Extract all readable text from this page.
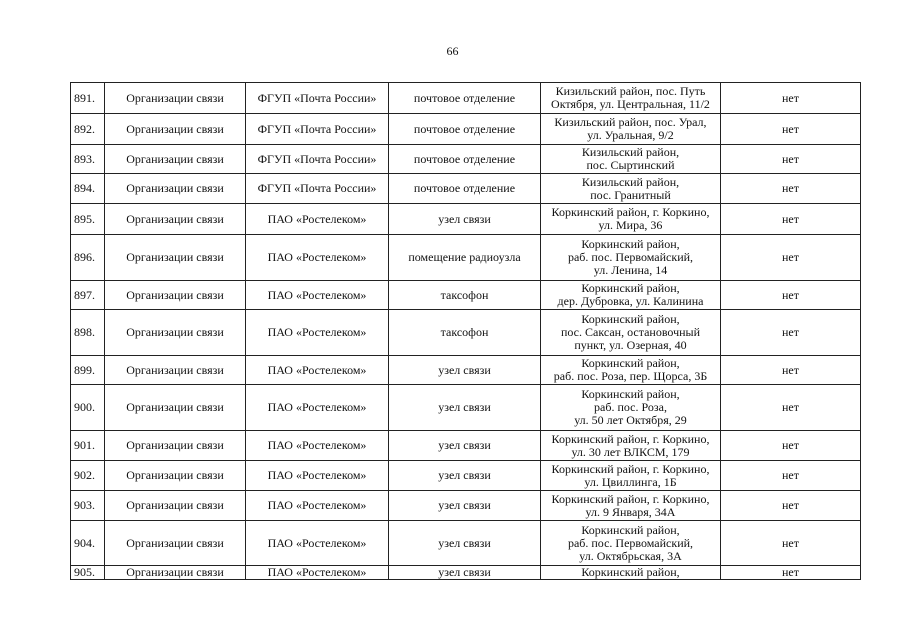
66
891.	Организации связи	ФГУП «Почта России»	почтовое отделение	Кизильский район, пос. Путь
Октября, ул. Центральная, 11/2	нет
892.	Организации связи	ФГУП «Почта России»	почтовое отделение	Кизильский район, пос. Урал,
ул. Уральная, 9/2	нет
893.	Организации связи	ФГУП «Почта России»	почтовое отделение	Кизильский район,
пос. Сыртинский	нет
894.	Организации связи	ФГУП «Почта России»	почтовое отделение	Кизильский район,
пос. Гранитный	нет
895.	Организации связи	ПАО «Ростелеком»	узел связи	Коркинский район, г. Коркино,
ул. Мира, 36	нет
896.	Организации связи	ПАО «Ростелеком»	помещение радиоузла	Коркинский район,
раб. пос. Первомайский,
ул. Ленина, 14	нет
897.	Организации связи	ПАО «Ростелеком»	таксофон	Коркинский район,
дер. Дубровка, ул. Калинина	нет
898.	Организации связи	ПАО «Ростелеком»	таксофон	Коркинский район,
пос. Саксан, остановочный
пункт, ул. Озерная, 40	нет
899.	Организации связи	ПАО «Ростелеком»	узел связи	Коркинский район,
раб. пос. Роза, пер. Щорса, 3Б	нет
900.	Организации связи	ПАО «Ростелеком»	узел связи	Коркинский район,
раб. пос. Роза,
ул. 50 лет Октября, 29	нет
901.	Организации связи	ПАО «Ростелеком»	узел связи	Коркинский район, г. Коркино,
ул. 30 лет ВЛКСМ, 179	нет
902.	Организации связи	ПАО «Ростелеком»	узел связи	Коркинский район, г. Коркино,
ул. Цвиллинга, 1Б	нет
903.	Организации связи	ПАО «Ростелеком»	узел связи	Коркинский район, г. Коркино,
ул. 9 Января, 34А	нет
904.	Организации связи	ПАО «Ростелеком»	узел связи	Коркинский район,
раб. пос. Первомайский,
ул. Октябрьская, 3А	нет
905.	Организации связи	ПАО «Ростелеком»	узел связи	Коркинский район,	нет
